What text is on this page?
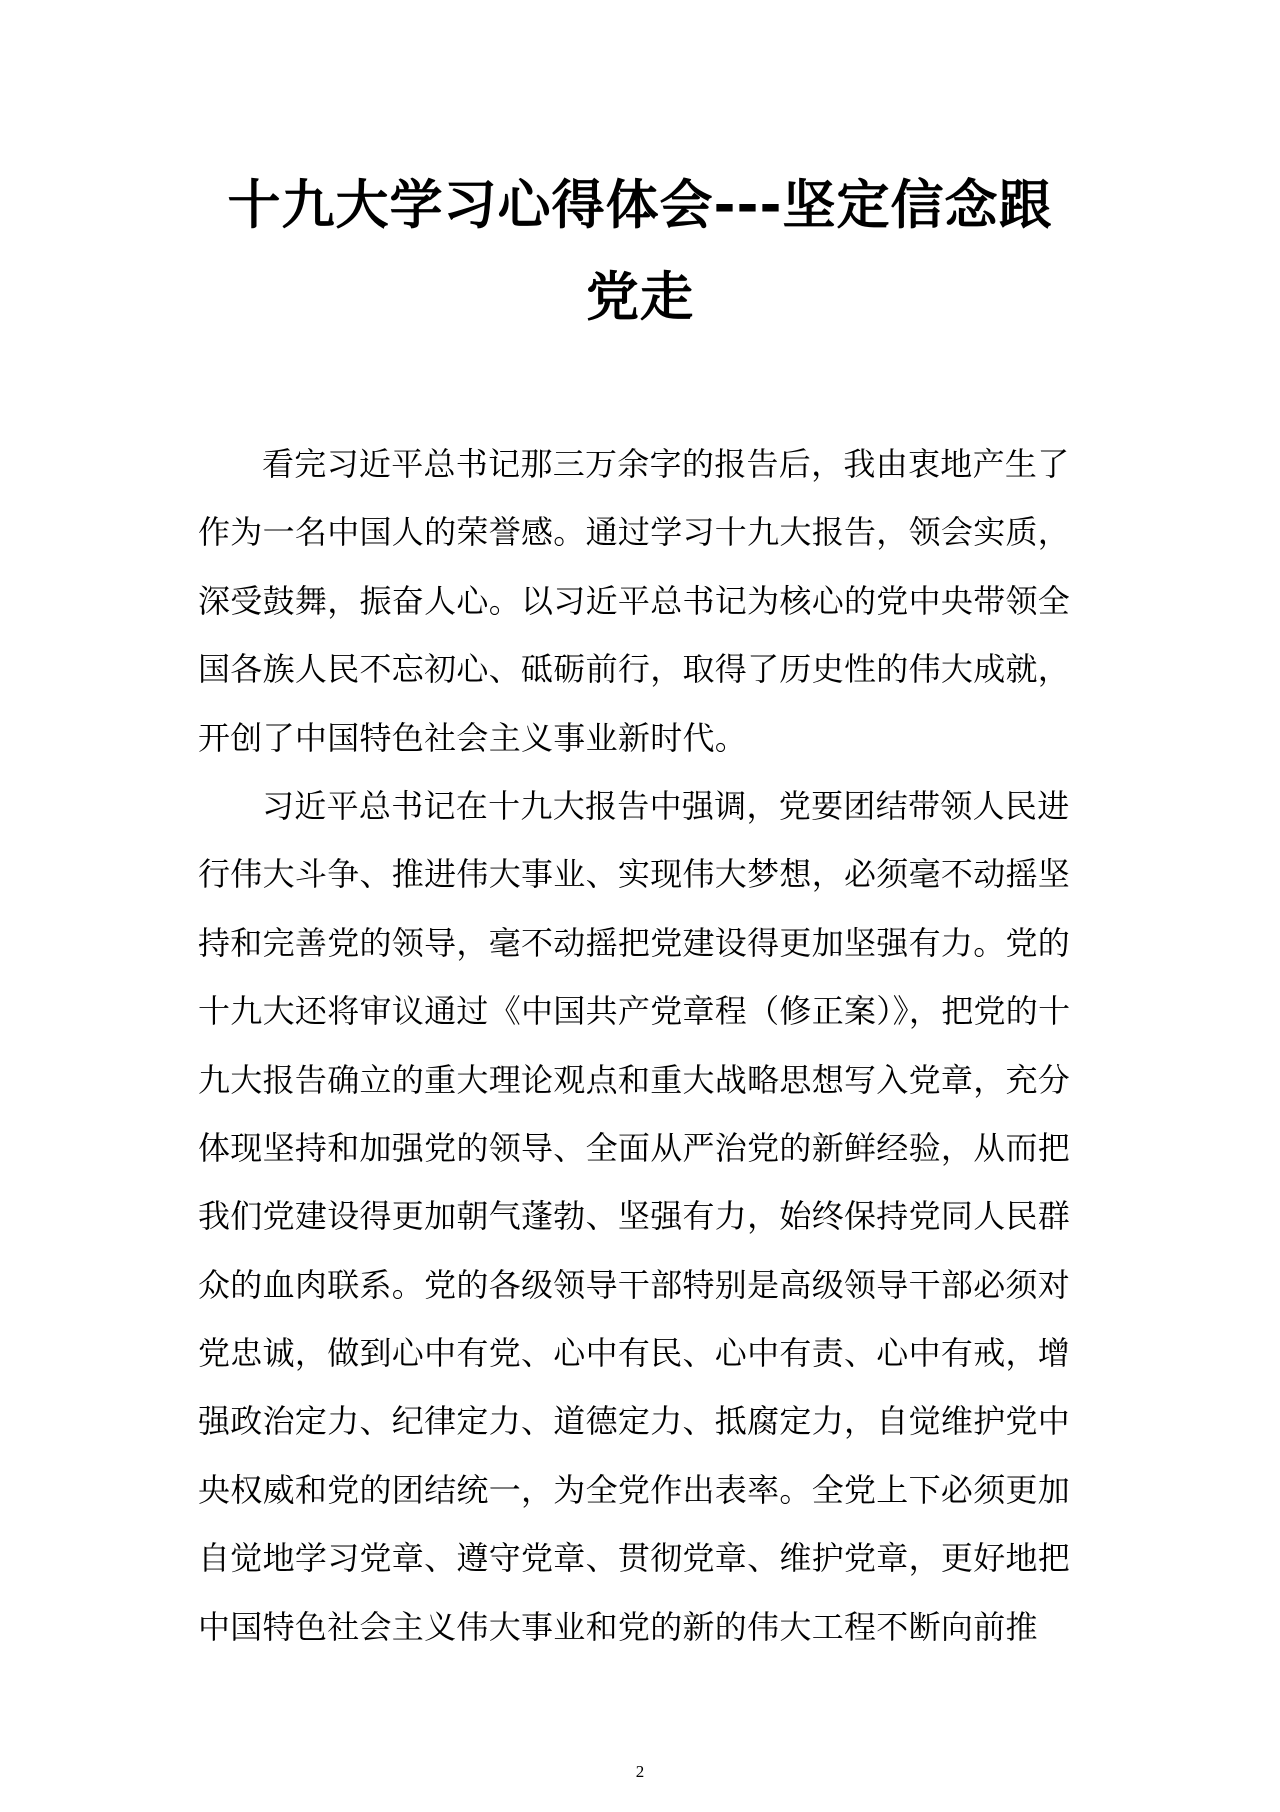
十九大学习心得体会---坚定信念跟
党走
看完习近平总书记那三万余字的报告后，我由衷地产生了
作为一名中国人的荣誉感。通过学习十九大报告，领会实质，
深受鼓舞，振奋人心。以习近平总书记为核心的党中央带领全
国各族人民不忘初心、砥砺前行，取得了历史性的伟大成就，
开创了中国特色社会主义事业新时代。
习近平总书记在十九大报告中强调，党要团结带领人民进
行伟大斗争、推进伟大事业、实现伟大梦想，必须毫不动摇坚
持和完善党的领导，毫不动摇把党建设得更加坚强有力。党的
十九大还将审议通过《中国共产党章程（修正案）》，把党的十
九大报告确立的重大理论观点和重大战略思想写入党章，充分
体现坚持和加强党的领导、全面从严治党的新鲜经验，从而把
我们党建设得更加朝气蓬勃、坚强有力，始终保持党同人民群
众的血肉联系。党的各级领导干部特别是高级领导干部必须对
党忠诚，做到心中有党、心中有民、心中有责、心中有戒，增
强政治定力、纪律定力、道德定力、抵腐定力，自觉维护党中
央权威和党的团结统一，为全党作出表率。全党上下必须更加
自觉地学习党章、遵守党章、贯彻党章、维护党章，更好地把
中国特色社会主义伟大事业和党的新的伟大工程不断向前推
2
